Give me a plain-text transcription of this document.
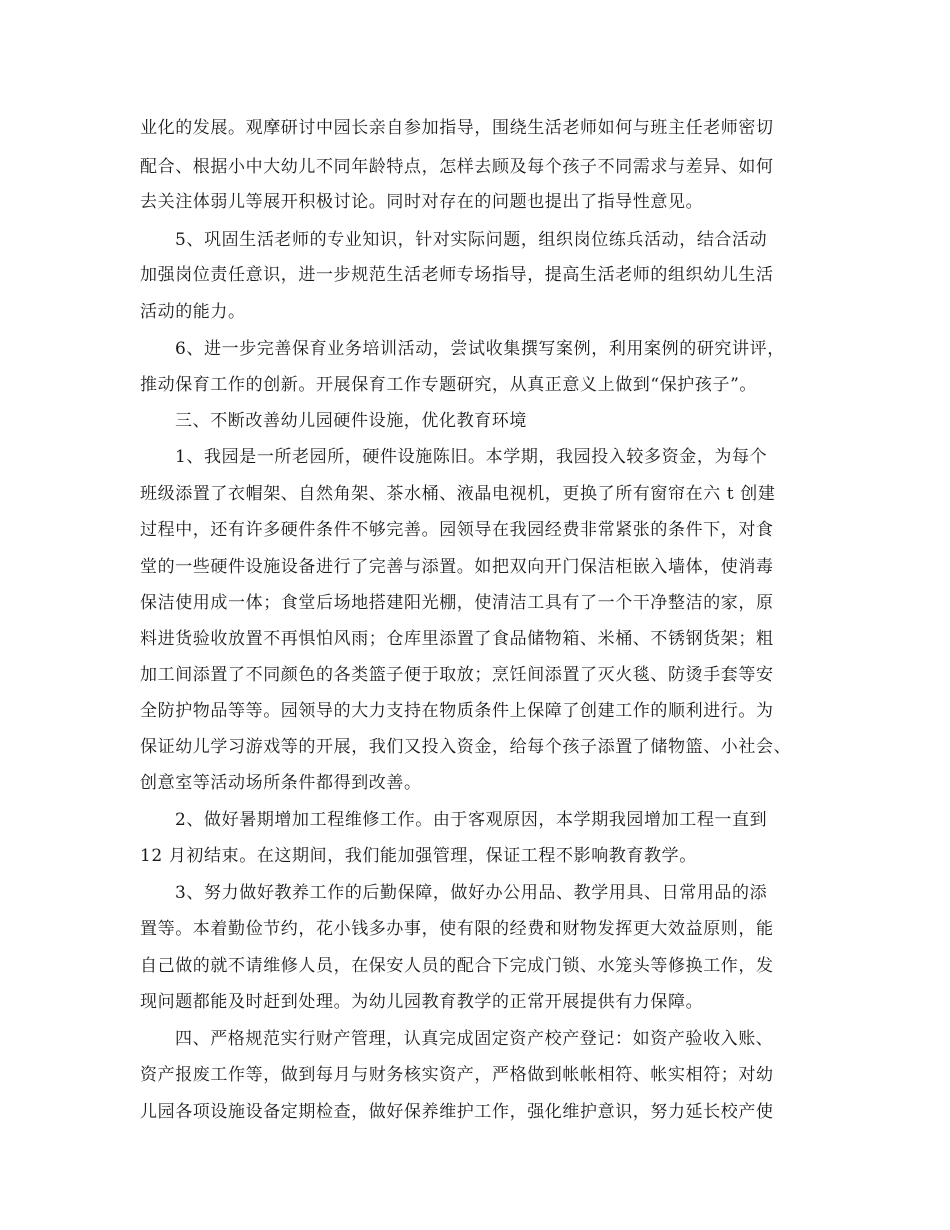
业化的发展。观摩研讨中园长亲自参加指导，围绕生活老师如何与班主任老师密切
配合、根据小中大幼儿不同年龄特点，怎样去顾及每个孩子不同需求与差异、如何
去关注体弱儿等展开积极讨论。同时对存在的问题也提出了指导性意见。
5、巩固生活老师的专业知识，针对实际问题，组织岗位练兵活动，结合活动
加强岗位责任意识，进一步规范生活老师专场指导，提高生活老师的组织幼儿生活
活动的能力。
6、进一步完善保育业务培训活动，尝试收集撰写案例，利用案例的研究讲评，
推动保育工作的创新。开展保育工作专题研究，从真正意义上做到“保护孩子”。
三、不断改善幼儿园硬件设施，优化教育环境
1、我园是一所老园所，硬件设施陈旧。本学期，我园投入较多资金，为每个
班级添置了衣帽架、自然角架、茶水桶、液晶电视机，更换了所有窗帘在六 t 创建
过程中，还有许多硬件条件不够完善。园领导在我园经费非常紧张的条件下，对食
堂的一些硬件设施设备进行了完善与添置。如把双向开门保洁柜嵌入墙体，使消毒
保洁使用成一体；食堂后场地搭建阳光棚，使清洁工具有了一个干净整洁的家，原
料进货验收放置不再惧怕风雨；仓库里添置了食品储物箱、米桶、不锈钢货架；粗
加工间添置了不同颜色的各类篮子便于取放；烹饪间添置了灭火毯、防烫手套等安
全防护物品等等。园领导的大力支持在物质条件上保障了创建工作的顺利进行。为
保证幼儿学习游戏等的开展，我们又投入资金，给每个孩子添置了储物篮、小社会、
创意室等活动场所条件都得到改善。
2、做好暑期增加工程维修工作。由于客观原因，本学期我园增加工程一直到
12 月初结束。在这期间，我们能加强管理，保证工程不影响教育教学。
3、努力做好教养工作的后勤保障，做好办公用品、教学用具、日常用品的添
置等。本着勤俭节约，花小钱多办事，使有限的经费和财物发挥更大效益原则，能
自己做的就不请维修人员，在保安人员的配合下完成门锁、水笼头等修换工作，发
现问题都能及时赶到处理。为幼儿园教育教学的正常开展提供有力保障。
四、严格规范实行财产管理，认真完成固定资产校产登记：如资产验收入账、
资产报废工作等，做到每月与财务核实资产，严格做到帐帐相符、帐实相符；对幼
儿园各项设施设备定期检查，做好保养维护工作，强化维护意识，努力延长校产使
